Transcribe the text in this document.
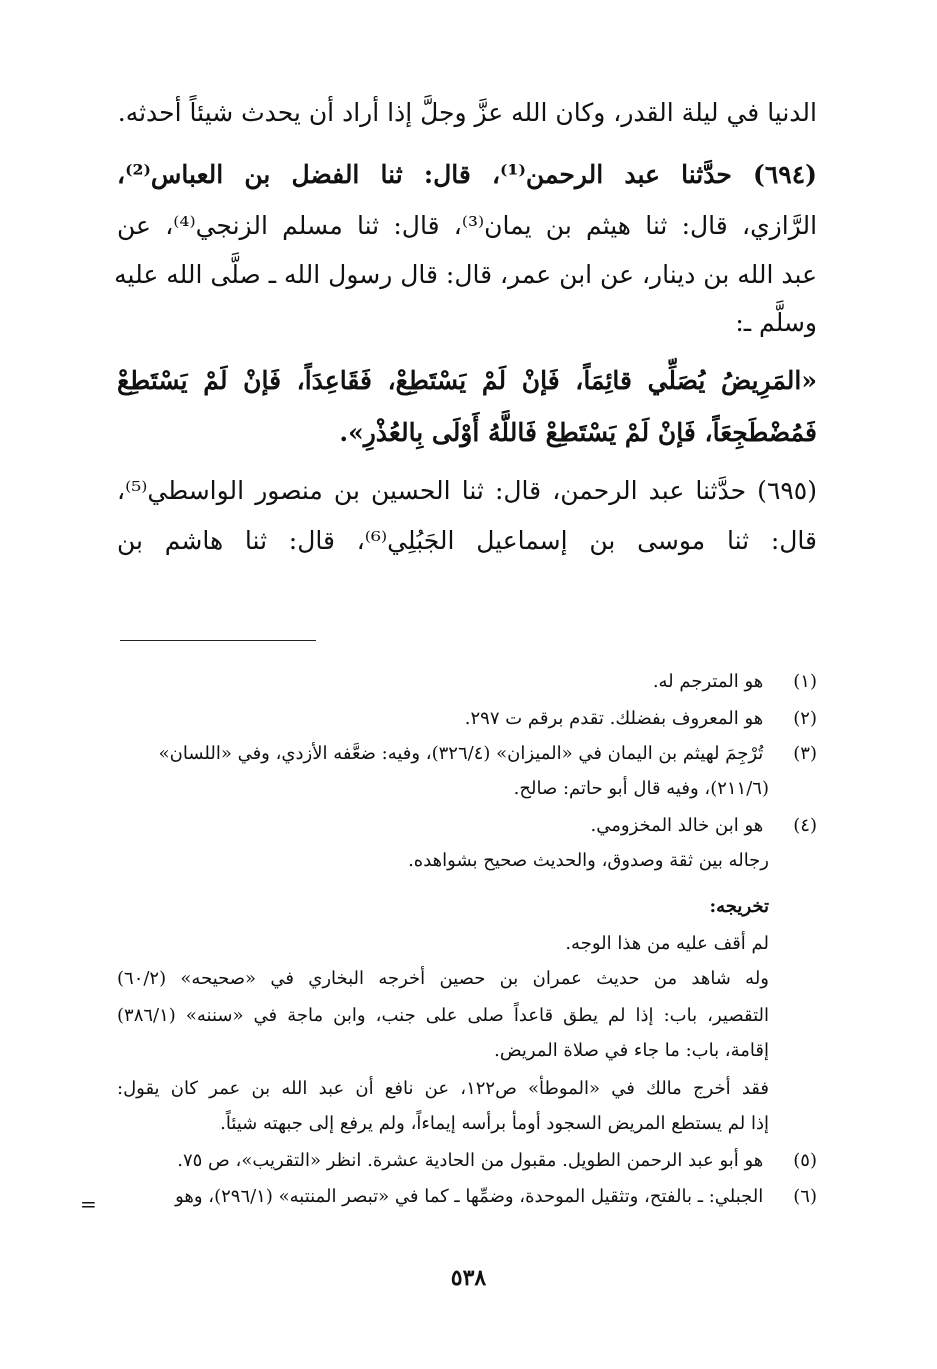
الدنيا في ليلة القدر، وكان الله عزَّ وجلَّ إذا أراد أن يحدث شيئاً أحدثه.
(٦٩٤) حدَّثنا عبد الرحمن⁽¹⁾، قال: ثنا الفضل بن العباس⁽²⁾،
الرَّازي، قال: ثنا هيثم بن يمان⁽³⁾، قال: ثنا مسلم الزنجي⁽⁴⁾، عن
عبد الله بن دينار، عن ابن عمر، قال: قال رسول الله ـ صلَّى الله عليه
وسلَّم ـ:
«المَرِيضُ يُصَلِّي قائِمَاً، فَإنْ لَمْ يَسْتَطِعْ، فَقَاعِدَاً، فَإنْ لَمْ يَسْتَطِعْ
فَمُضْطَجِعَاً، فَإنْ لَمْ يَسْتَطِعْ فَاللَّهُ أَوْلَى بِالعُذْرِ».
(٦٩٥) حدَّثنا عبد الرحمن، قال: ثنا الحسين بن منصور الواسطي⁽⁵⁾،
قال: ثنا موسى بن إسماعيل الجَبُلِي⁽⁶⁾، قال: ثنا هاشم بن
(١) هو المترجم له.
(٢) هو المعروف بفضلك. تقدم برقم ت ٢٩٧.
(٣) تُرْجِمَ لهيثم بن اليمان في «الميزان» (٣٢٦/٤)، وفيه: ضعَّفه الأزدي، وفي «اللسان»
(٢١١/٦)، وفيه قال أبو حاتم: صالح.
(٤) هو ابن خالد المخزومي.
رجاله بين ثقة وصدوق، والحديث صحيح بشواهده.
تخريجه:
لم أقف عليه من هذا الوجه.
وله شاهد من حديث عمران بن حصين أخرجه البخاري في «صحيحه» (٦٠/٢)
التقصير، باب: إذا لم يطق قاعداً صلى على جنب، وابن ماجة في «سننه» (٣٨٦/١)
إقامة، باب: ما جاء في صلاة المريض.
فقد أخرج مالك في «الموطأ» ص١٢٢، عن نافع أن عبد الله بن عمر كان يقول:
إذا لم يستطع المريض السجود أومأ برأسه إيماءاً، ولم يرفع إلى جبهته شيئاً.
(٥) هو أبو عبد الرحمن الطويل. مقبول من الحادية عشرة. انظر «التقريب»، ص ٧٥.
(٦) الجبلي: ـ بالفتح، وتثقيل الموحدة، وضمِّها ـ كما في «تبصر المنتبه» (٢٩٦/١)، وهو
=
٥٣٨
